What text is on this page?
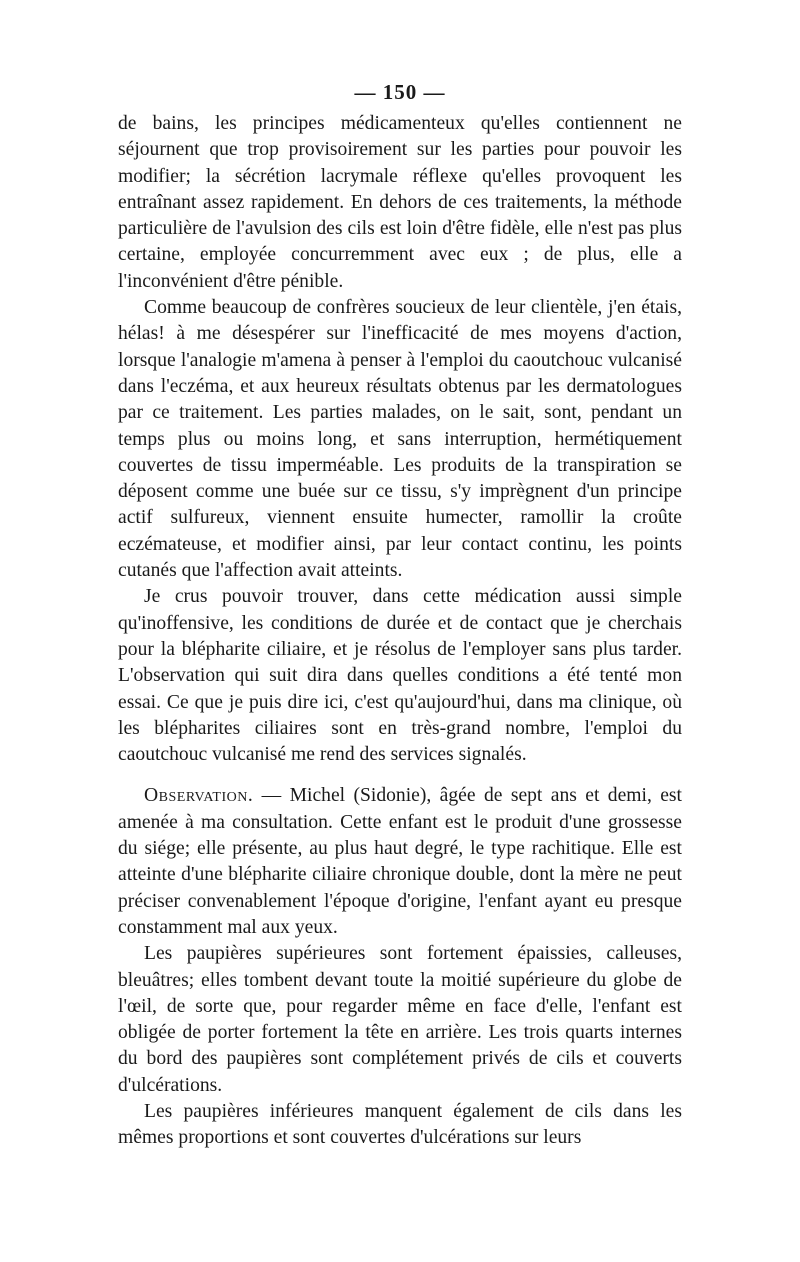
— 150 —

de bains, les principes médicamenteux qu'elles contiennent ne séjournent que trop provisoirement sur les parties pour pouvoir les modifier; la sécrétion lacrymale réflexe qu'elles provoquent les entraînant assez rapidement. En dehors de ces traitements, la méthode particulière de l'avulsion des cils est loin d'être fidèle, elle n'est pas plus certaine, employée concurremment avec eux ; de plus, elle a l'inconvénient d'être pénible.

Comme beaucoup de confrères soucieux de leur clientèle, j'en étais, hélas! à me désespérer sur l'inefficacité de mes moyens d'action, lorsque l'analogie m'amena à penser à l'emploi du caoutchouc vulcanisé dans l'eczéma, et aux heureux résultats obtenus par les dermatologues par ce traitement. Les parties malades, on le sait, sont, pendant un temps plus ou moins long, et sans interruption, hermétiquement couvertes de tissu imperméable. Les produits de la transpiration se déposent comme une buée sur ce tissu, s'y imprègnent d'un principe actif sulfureux, viennent ensuite humecter, ramollir la croûte eczémateuse, et modifier ainsi, par leur contact continu, les points cutanés que l'affection avait atteints.

Je crus pouvoir trouver, dans cette médication aussi simple qu'inoffensive, les conditions de durée et de contact que je cherchais pour la blépharite ciliaire, et je résolus de l'employer sans plus tarder. L'observation qui suit dira dans quelles conditions a été tenté mon essai. Ce que je puis dire ici, c'est qu'aujourd'hui, dans ma clinique, où les blépharites ciliaires sont en très-grand nombre, l'emploi du caoutchouc vulcanisé me rend des services signalés.

Observation. — Michel (Sidonie), âgée de sept ans et demi, est amenée à ma consultation. Cette enfant est le produit d'une grossesse du siége; elle présente, au plus haut degré, le type rachitique. Elle est atteinte d'une blépharite ciliaire chronique double, dont la mère ne peut préciser convenablement l'époque d'origine, l'enfant ayant eu presque constamment mal aux yeux.

Les paupières supérieures sont fortement épaissies, calleuses, bleuâtres; elles tombent devant toute la moitié supérieure du globe de l'œil, de sorte que, pour regarder même en face d'elle, l'enfant est obligée de porter fortement la tête en arrière. Les trois quarts internes du bord des paupières sont complétement privés de cils et couverts d'ulcérations.

Les paupières inférieures manquent également de cils dans les mêmes proportions et sont couvertes d'ulcérations sur leurs
